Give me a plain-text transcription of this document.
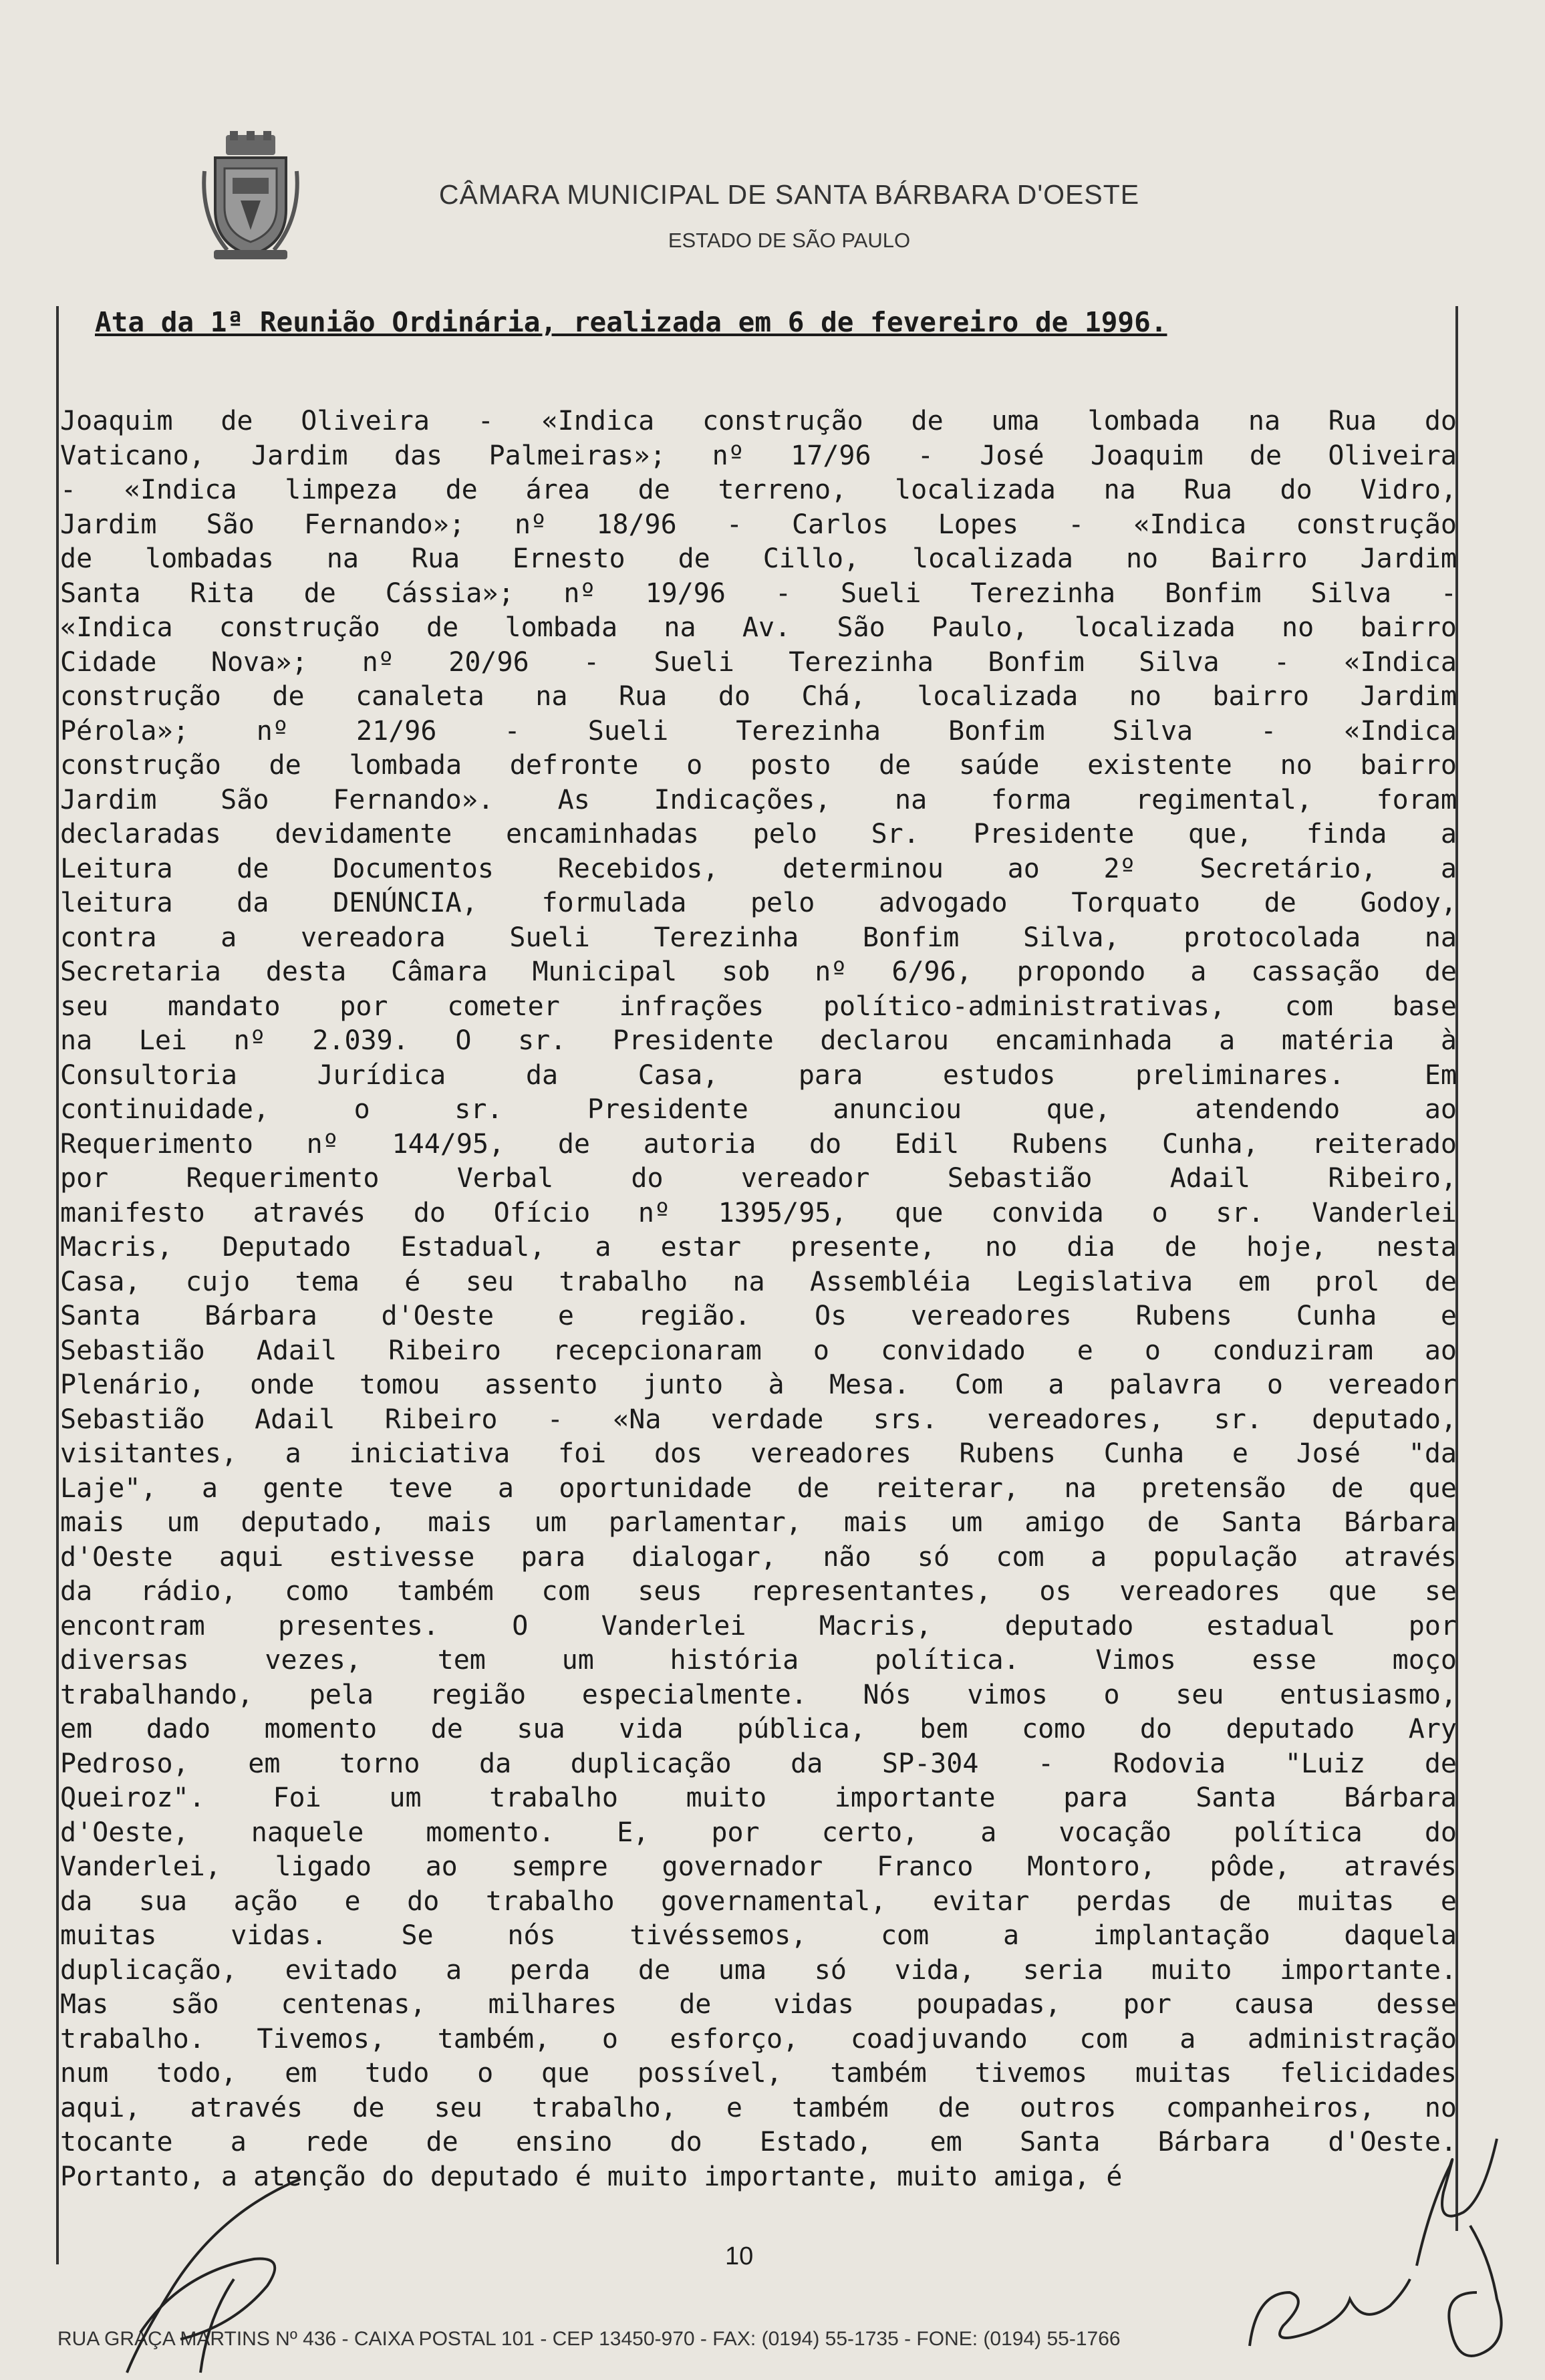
CÂMARA MUNICIPAL DE SANTA BÁRBARA D'OESTE
ESTADO DE SÃO PAULO
Ata da 1ª Reunião Ordinária, realizada em 6 de fevereiro de 1996.
Joaquim de Oliveira - «Indica construção de uma lombada na Rua do
Vaticano, Jardim das Palmeiras»; nº 17/96 - José Joaquim de Oliveira
- «Indica limpeza de área de terreno, localizada na Rua do Vidro,
Jardim São Fernando»; nº 18/96 - Carlos Lopes - «Indica construção
de lombadas na Rua Ernesto de Cillo, localizada no Bairro Jardim
Santa Rita de Cássia»; nº 19/96 - Sueli Terezinha Bonfim Silva -
«Indica construção de lombada na Av. São Paulo, localizada no bairro
Cidade Nova»; nº 20/96 - Sueli Terezinha Bonfim Silva - «Indica
construção de canaleta na Rua do Chá, localizada no bairro Jardim
Pérola»; nº 21/96 - Sueli Terezinha Bonfim Silva - «Indica
construção de lombada defronte o posto de saúde existente no bairro
Jardim São Fernando». As Indicações, na forma regimental, foram
declaradas devidamente encaminhadas pelo Sr. Presidente que, finda a
Leitura de Documentos Recebidos, determinou ao 2º Secretário, a
leitura da DENÚNCIA, formulada pelo advogado Torquato de Godoy,
contra a vereadora Sueli Terezinha Bonfim Silva, protocolada na
Secretaria desta Câmara Municipal sob nº 6/96, propondo a cassação de
seu mandato por cometer infrações político-administrativas, com base
na Lei nº 2.039. O sr. Presidente declarou encaminhada a matéria à
Consultoria Jurídica da Casa, para estudos preliminares. Em
continuidade, o sr. Presidente anunciou que, atendendo ao
Requerimento nº 144/95, de autoria do Edil Rubens Cunha, reiterado
por Requerimento Verbal do vereador Sebastião Adail Ribeiro,
manifesto através do Ofício nº 1395/95, que convida o sr. Vanderlei
Macris, Deputado Estadual, a estar presente, no dia de hoje, nesta
Casa, cujo tema é seu trabalho na Assembléia Legislativa em prol de
Santa Bárbara d'Oeste e região. Os vereadores Rubens Cunha e
Sebastião Adail Ribeiro recepcionaram o convidado e o conduziram ao
Plenário, onde tomou assento junto à Mesa. Com a palavra o vereador
Sebastião Adail Ribeiro - «Na verdade srs. vereadores, sr. deputado,
visitantes, a iniciativa foi dos vereadores Rubens Cunha e José "da
Laje", a gente teve a oportunidade de reiterar, na pretensão de que
mais um deputado, mais um parlamentar, mais um amigo de Santa Bárbara
d'Oeste aqui estivesse para dialogar, não só com a população através
da rádio, como também com seus representantes, os vereadores que se
encontram presentes. O Vanderlei Macris, deputado estadual por
diversas vezes, tem um história política. Vimos esse moço
trabalhando, pela região especialmente. Nós vimos o seu entusiasmo,
em dado momento de sua vida pública, bem como do deputado Ary
Pedroso, em torno da duplicação da SP-304 - Rodovia "Luiz de
Queiroz". Foi um trabalho muito importante para Santa Bárbara
d'Oeste, naquele momento. E, por certo, a vocação política do
Vanderlei, ligado ao sempre governador Franco Montoro, pôde, através
da sua ação e do trabalho governamental, evitar perdas de muitas e
muitas vidas. Se nós tivéssemos, com a implantação daquela
duplicação, evitado a perda de uma só vida, seria muito importante.
Mas são centenas, milhares de vidas poupadas, por causa desse
trabalho. Tivemos, também, o esforço, coadjuvando com a administração
num todo, em tudo o que possível, também tivemos muitas felicidades
aqui, através de seu trabalho, e também de outros companheiros, no
tocante a rede de ensino do Estado, em Santa Bárbara d'Oeste.
Portanto, a atenção do deputado é muito importante, muito amiga, é
10
RUA GRAÇA MARTINS Nº 436 - CAIXA POSTAL 101 - CEP 13450-970 - FAX: (0194) 55-1735 - FONE: (0194) 55-1766
